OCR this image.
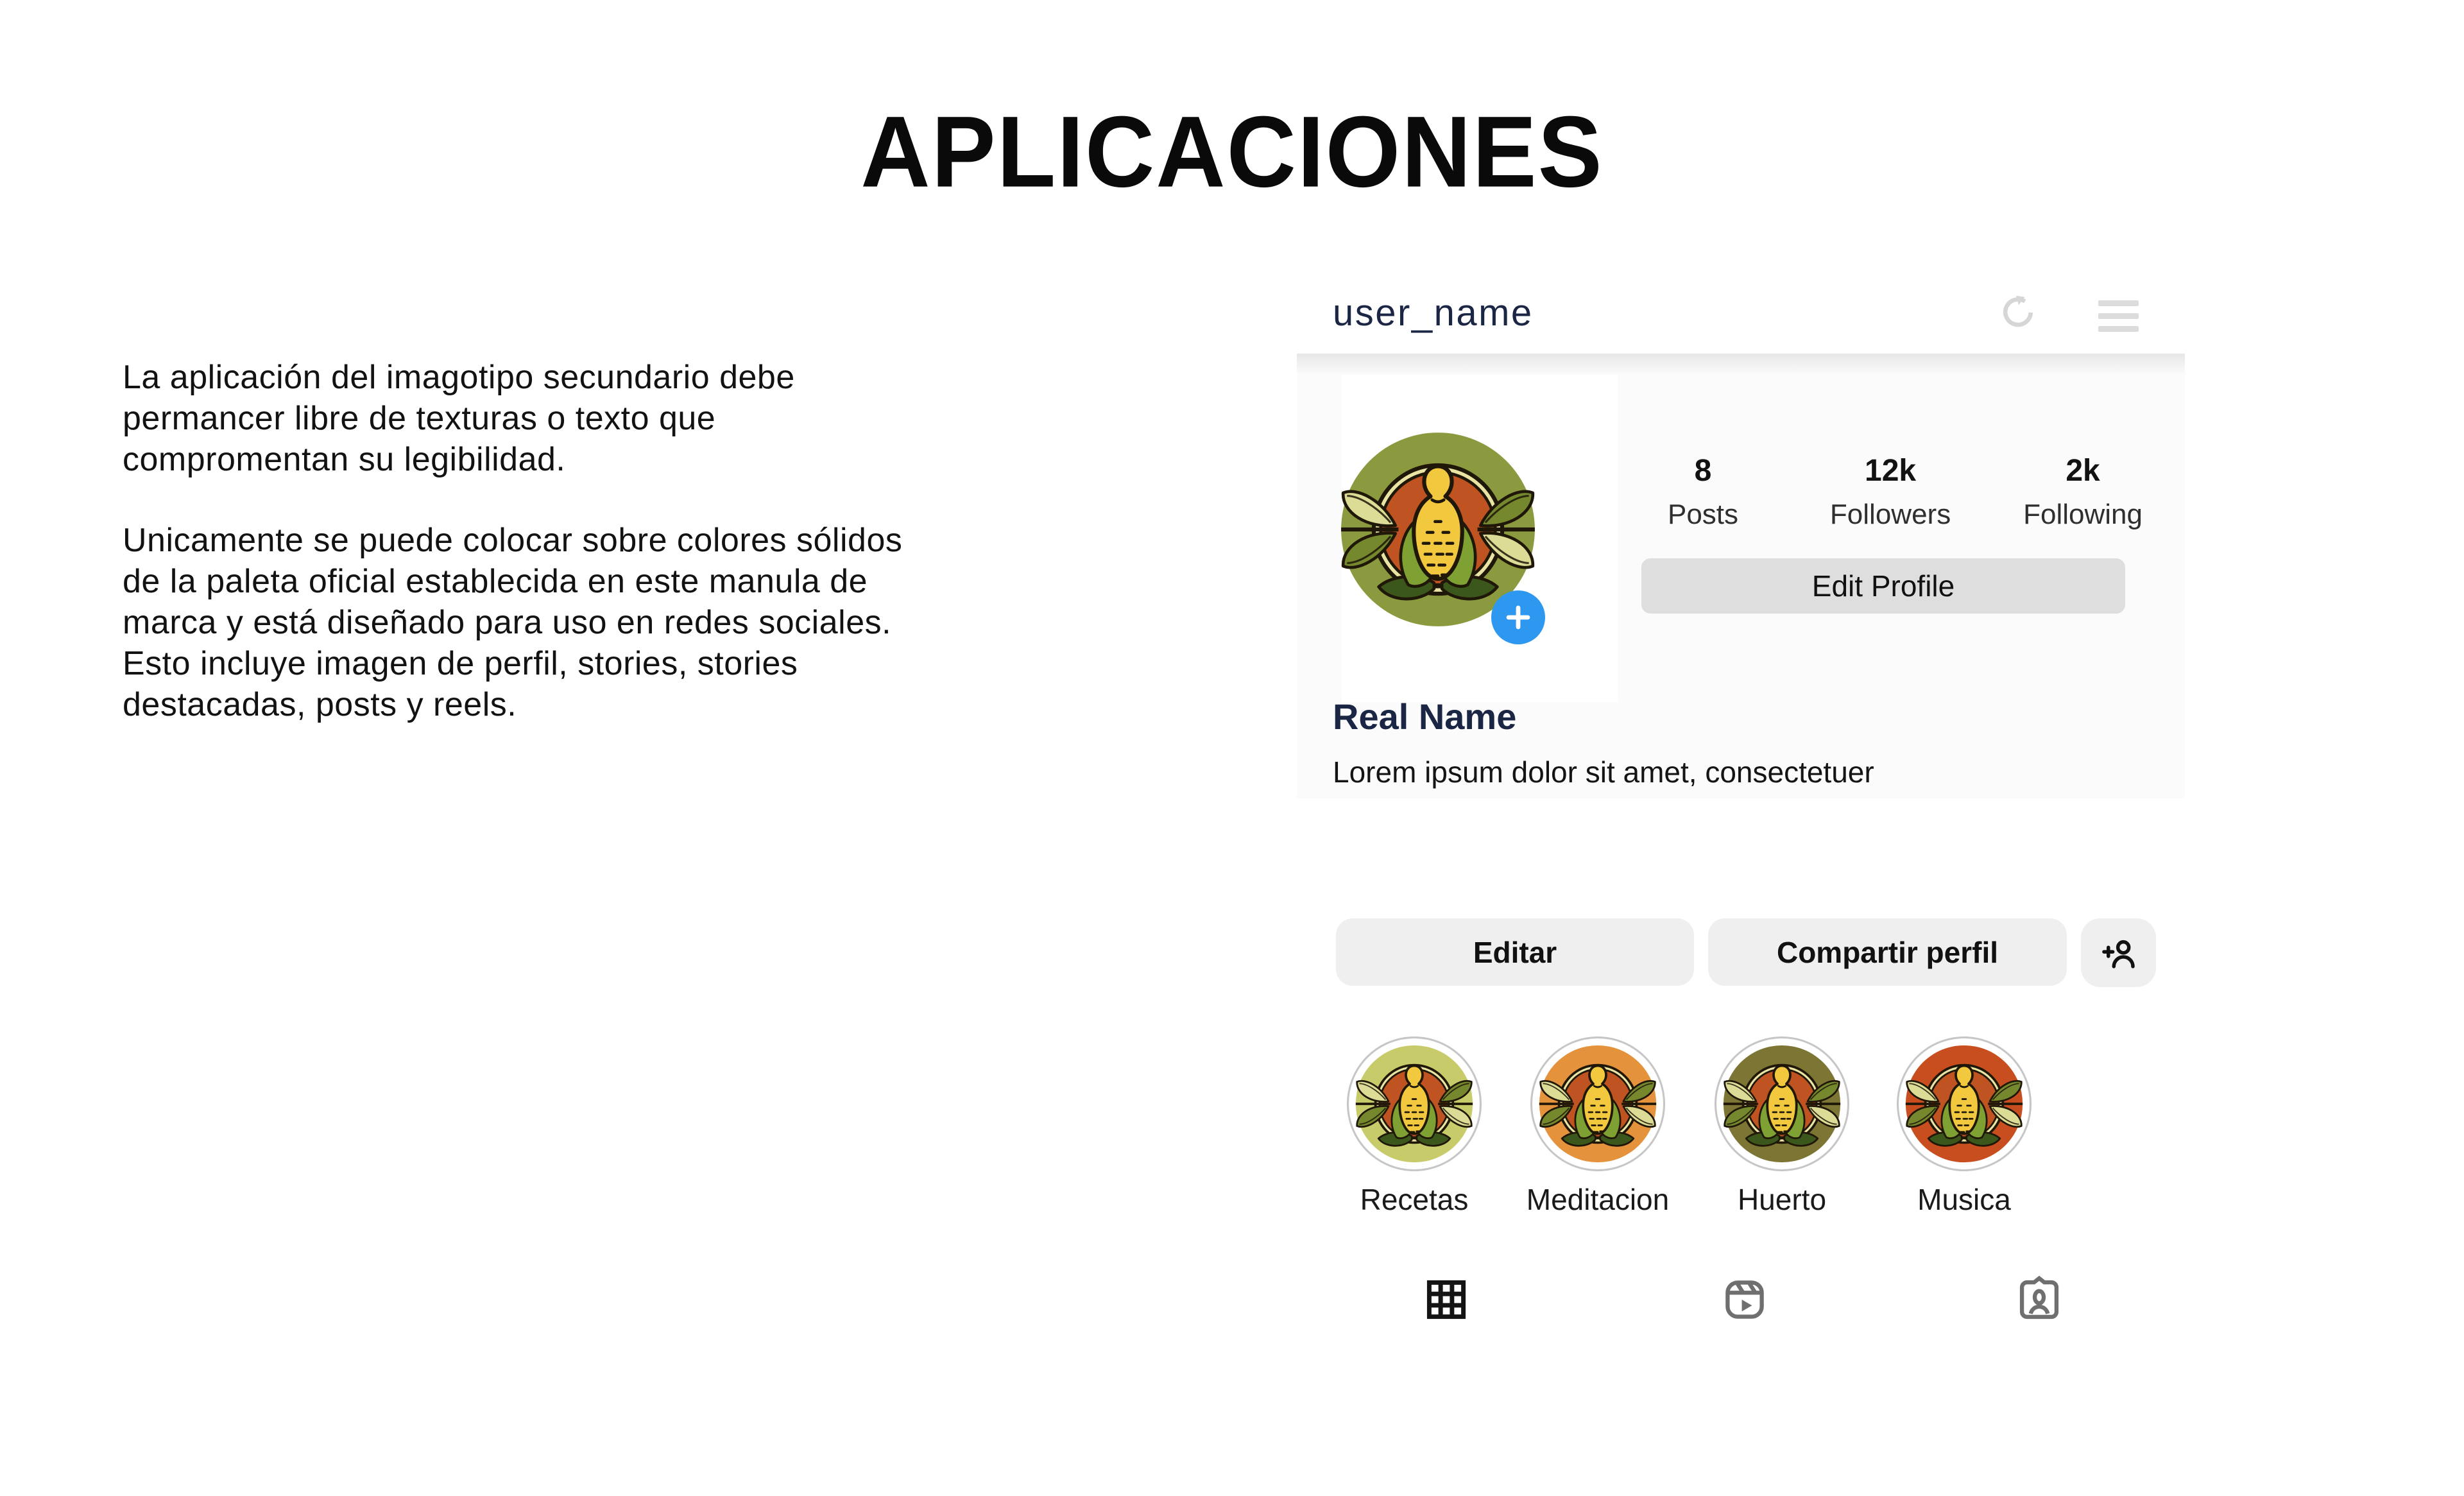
APLICACIONES

La aplicación del imagotipo secundario debe permancer libre de texturas o texto que compromentan su legibilidad.

Unicamente se puede colocar sobre colores sólidos de la paleta oficial establecida en este manula de marca y está diseñado para uso en redes sociales. Esto incluye imagen de perfil, stories, stories destacadas, posts y reels.

user_name
8
Posts
12k
Followers
2k
Following
Edit Profile
Real Name
Lorem ipsum dolor sit amet, consectetuer
Editar	Compartir perfil
Recetas Meditacion Huerto	Musica
